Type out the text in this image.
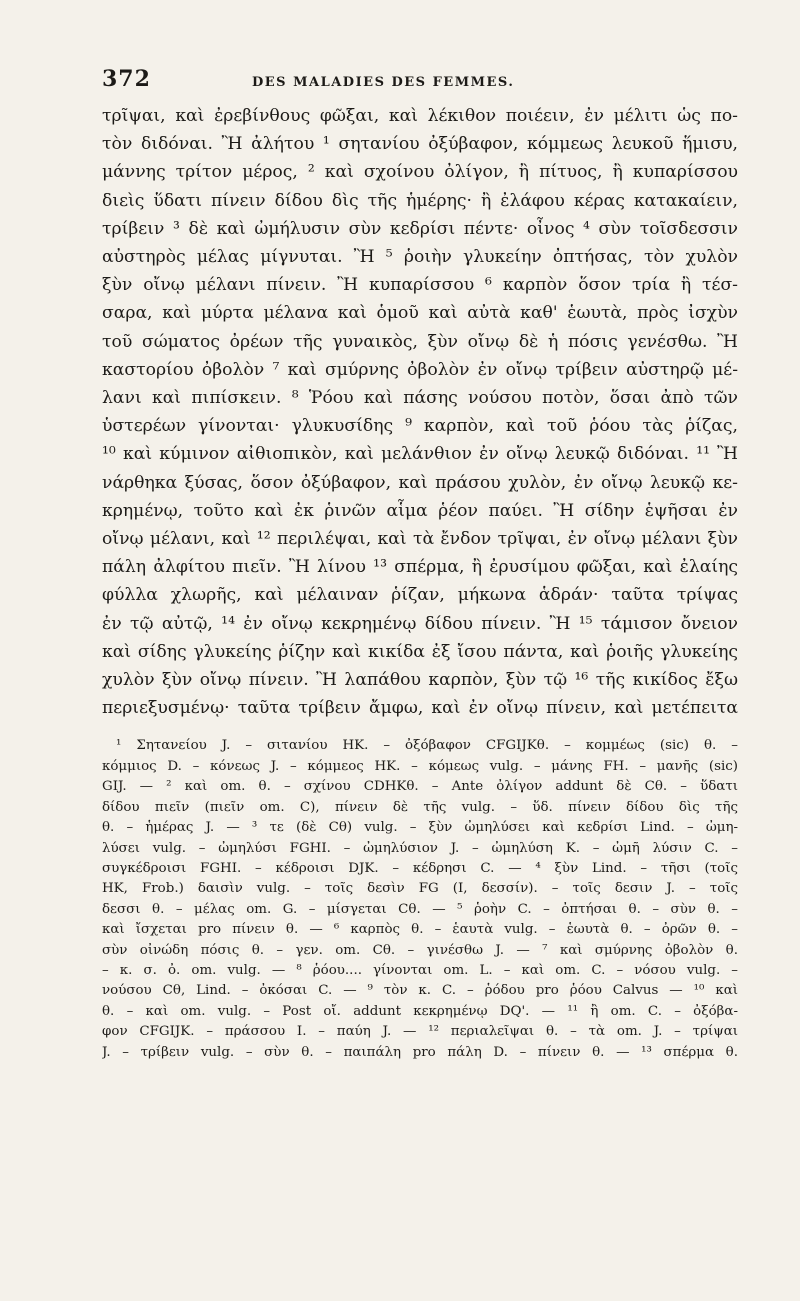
372	DES MALADIES DES FEMMES.
τρῖψαι, καὶ ἐρεβίνθους φῶξαι, καὶ λέκιθον ποιέειν, ἐν μέλιτι ὡς πο-
τὸν διδόναι. Ἢ ἀλήτου ¹ σητανίου ὀξύβαφον, κόμμεως λευκοῦ ἥμισυ,
μάννης τρίτον μέρος, ² καὶ σχοίνου ὀλίγον, ἢ πίτυος, ἢ κυπαρίσσου
διεὶς ὕδατι πίνειν δίδου δὶς τῆς ἡμέρης· ἢ ἐλάφου κέρας κατακαίειν,
τρίβειν ³ δὲ καὶ ὠμήλυσιν σὺν κεδρίσι πέντε· οἶνος ⁴ σὺν τοῖσδεσσιν
αὐστηρὸς μέλας μίγνυται. Ἢ ⁵ ῥοιὴν γλυκείην ὀπτήσας, τὸν χυλὸν
ξὺν οἴνῳ μέλανι πίνειν. Ἢ κυπαρίσσου ⁶ καρπὸν ὅσον τρία ἢ τέσ-
σαρα, καὶ μύρτα μέλανα καὶ ὁμοῦ καὶ αὐτὰ καθ' ἑωυτὰ, πρὸς ἰσχὺν
τοῦ σώματος ὀρέων τῆς γυναικὸς, ξὺν οἴνῳ δὲ ἡ πόσις γενέσθω. Ἢ
καστορίου ὀβολὸν ⁷ καὶ σμύρνης ὀβολὸν ἐν οἴνῳ τρίβειν αὐστηρῷ μέ-
λανι καὶ πιπίσκειν. ⁸ Ῥόου καὶ πάσης νούσου ποτὸν, ὅσαι ἀπὸ τῶν
ὑστερέων γίνονται· γλυκυσίδης ⁹ καρπὸν, καὶ τοῦ ῥόου τὰς ῥίζας,
¹⁰ καὶ κύμινον αἰθιοπικὸν, καὶ μελάνθιον ἐν οἴνῳ λευκῷ διδόναι. ¹¹ Ἢ
νάρθηκα ξύσας, ὅσον ὀξύβαφον, καὶ πράσου χυλὸν, ἐν οἴνῳ λευκῷ κε-
κρημένῳ, τοῦτο καὶ ἐκ ῥινῶν αἷμα ῥέον παύει. Ἢ σίδην ἑψῆσαι ἐν
οἴνῳ μέλανι, καὶ ¹² περιλέψαι, καὶ τὰ ἔνδον τρῖψαι, ἐν οἴνῳ μέλανι ξὺν
πάλη ἀλφίτου πιεῖν. Ἢ λίνου ¹³ σπέρμα, ἢ ἐρυσίμου φῶξαι, καὶ ἐλαίης
φύλλα χλωρῆς, καὶ μέλαιναν ῥίζαν, μήκωνα ἁδράν· ταῦτα τρίψας
ἐν τῷ αὐτῷ, ¹⁴ ἐν οἴνῳ κεκρημένῳ δίδου πίνειν. Ἢ ¹⁵ τάμισον ὄνειον
καὶ σίδης γλυκείης ῥίζην καὶ κικίδα ἐξ ἴσου πάντα, καὶ ῥοιῆς γλυκείης
χυλὸν ξὺν οἴνῳ πίνειν. Ἢ λαπάθου καρπὸν, ξὺν τῷ ¹⁶ τῆς κικίδος ἔξω
περιεξυσμένῳ· ταῦτα τρίβειν ἄμφω, καὶ ἐν οἴνῳ πίνειν, καὶ μετέπειτα
¹ Σητανείου J. – σιτανίου HK. – ὀξόβαφον CFGIJKθ. – κομμέως (sic) θ. –
κόμμιος D. – κόνεως J. – κόμμεος HK. – κόμεως vulg. – μάνης FH. – μανῆς (sic)
GIJ. — ² καὶ om. θ. – σχίνου CDHKθ. – Ante ὀλίγον addunt δὲ Cθ. – ὕδατι
δίδου πιεῖν (πιεῖν om. C), πίνειν δὲ τῆς vulg. – ὕδ. πίνειν δίδου δὶς τῆς
θ. – ἡμέρας J. — ³ τε (δὲ Cθ) vulg. – ξὺν ὠμηλύσει καὶ κεδρίσι Lind. – ὠμη-
λύσει vulg. – ὠμηλύσι FGHI. – ὠμηλύσιον J. – ὠμηλύση K. – ὠμῆ λύσιν C. –
συγκέδροισι FGHI. – κέδροισι DJK. – κέδρησι C. — ⁴ ξὺν Lind. – τῆσι (τοῖς
HK, Frob.) δαισὶν vulg. – τοῖς δεσὶν FG (I, δεσσίν). – τοῖς δεσιν J. – τοῖς
δεσσι θ. – μέλας om. G. – μίσγεται Cθ. — ⁵ ῥοὴν C. – ὀπτήσαι θ. – σὺν θ. –
καὶ ἴσχεται pro πίνειν θ. — ⁶ καρπὸς θ. – ἑαυτὰ vulg. – ἑωυτὰ θ. – ὀρῶν θ. –
σὺν οἰνώδη πόσις θ. – γεν. om. Cθ. – γινέσθω J. — ⁷ καὶ σμύρνης ὀβολὸν θ.
– κ. σ. ὀ. om. vulg. — ⁸ ῥόου.... γίνονται om. L. – καὶ om. C. – νόσου vulg. –
νούσου Cθ, Lind. – ὀκόσαι C. — ⁹ τὸν κ. C. – ῥόδου pro ῥόου Calvus — ¹⁰ καὶ
θ. – καὶ om. vulg. – Post οἴ. addunt κεκρημένῳ DQ'. — ¹¹ ἢ om. C. – ὀξόβα-
φον CFGIJK. – πράσσου I. – παύη J. — ¹² περιαλεῖψαι θ. – τὰ om. J. – τρίψαι
J. – τρίβειν vulg. – σὺν θ. – παιπάλη pro πάλη D. – πίνειν θ. — ¹³ σπέρμα θ.
